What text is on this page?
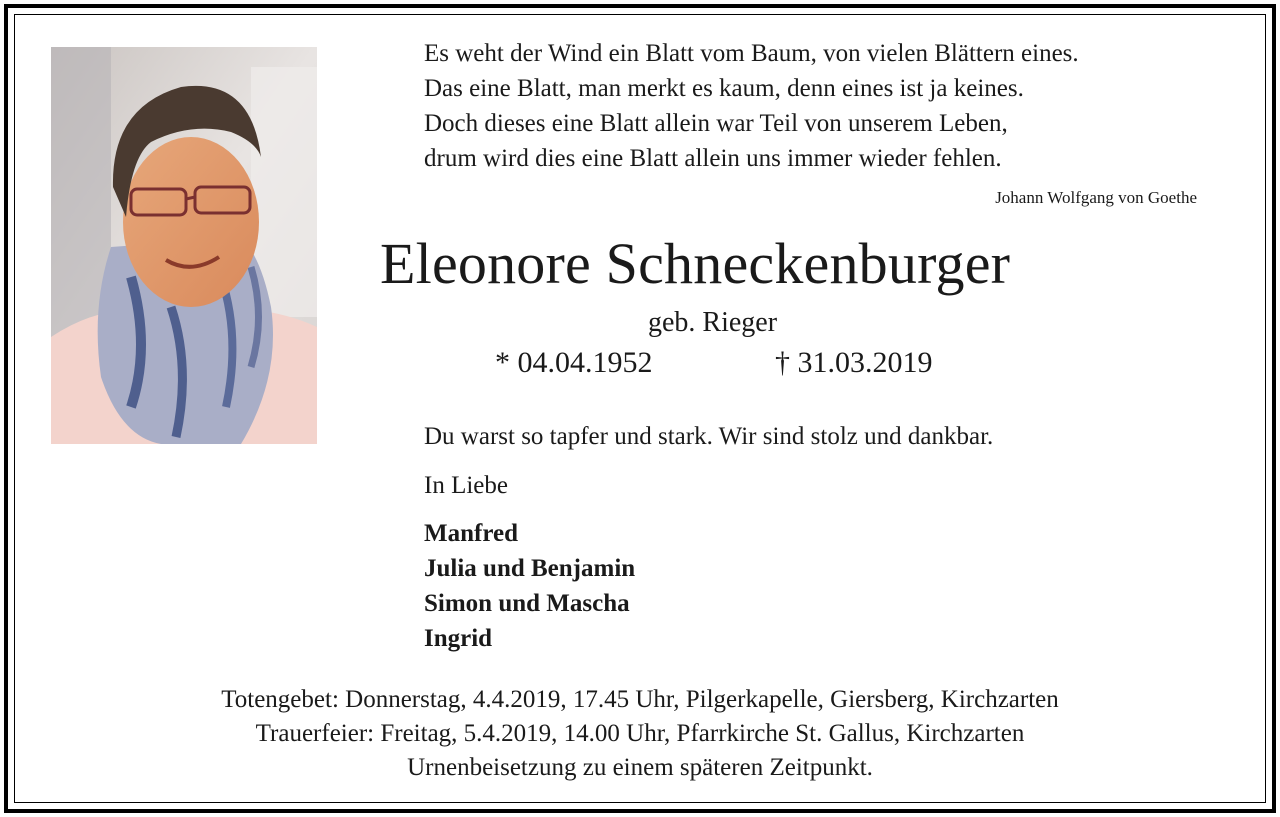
Es weht der Wind ein Blatt vom Baum, von vielen Blättern eines.
Das eine Blatt, man merkt es kaum, denn eines ist ja keines.
Doch dieses eine Blatt allein war Teil von unserem Leben,
drum wird dies eine Blatt allein uns immer wieder fehlen.
Johann Wolfgang von Goethe
Eleonore Schneckenburger
geb. Rieger
* 04.04.1952	† 31.03.2019
Du warst so tapfer und stark. Wir sind stolz und dankbar.
In Liebe
Manfred
Julia und Benjamin
Simon und Mascha
Ingrid
Totengebet: Donnerstag, 4.4.2019, 17.45 Uhr, Pilgerkapelle, Giersberg, Kirchzarten
Trauerfeier: Freitag, 5.4.2019, 14.00 Uhr, Pfarrkirche St. Gallus, Kirchzarten
Urnenbeisetzung zu einem späteren Zeitpunkt.
